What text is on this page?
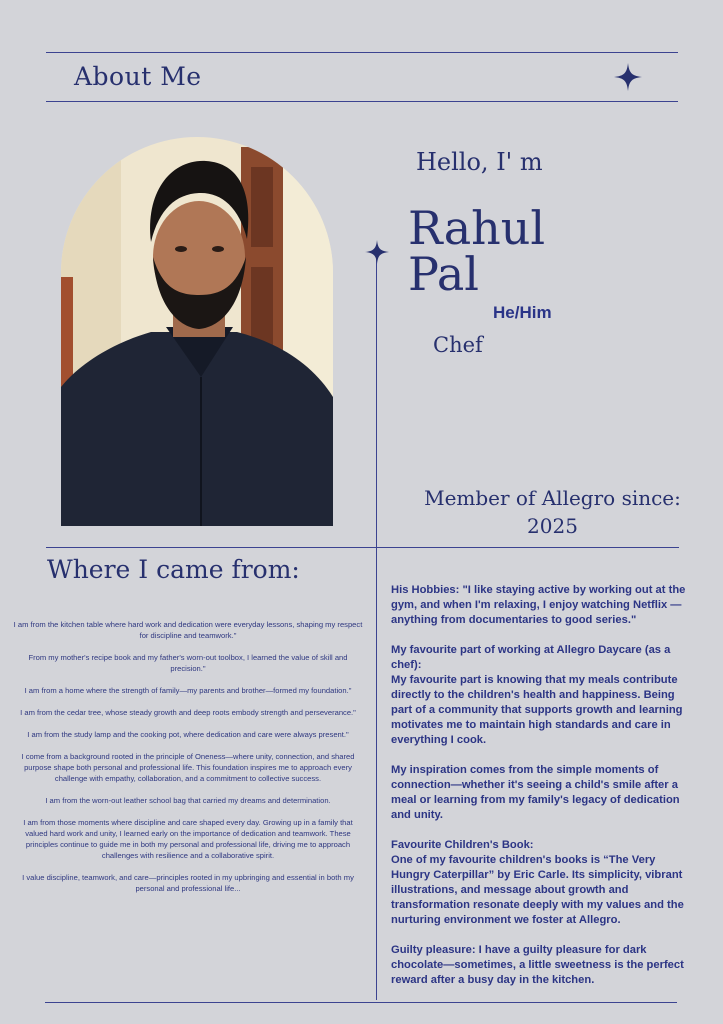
About Me
Hello, I' m
Rahul
Pal
He/Him
Chef
Member of Allegro since:
2025
Where I came from:

I am from the kitchen table where hard work and dedication were everyday lessons, shaping my respect for discipline and teamwork."

From my mother's recipe book and my father's worn-out toolbox, I learned the value of skill and precision."

I am from a home where the strength of family—my parents and brother—formed my foundation."

I am from the cedar tree, whose steady growth and deep roots embody strength and perseverance."

I am from the study lamp and the cooking pot, where dedication and care were always present."

I come from a background rooted in the principle of Oneness—where unity, connection, and shared purpose shape both personal and professional life. This foundation inspires me to approach every challenge with empathy, collaboration, and a commitment to collective success.

I am from the worn-out leather school bag that carried my dreams and determination.

I am from those moments where discipline and care shaped every day. Growing up in a family that valued hard work and unity, I learned early on the importance of dedication and teamwork. These principles continue to guide me in both my personal and professional life, driving me to approach challenges with resilience and a collaborative spirit.

I value discipline, teamwork, and care—principles rooted in my upbringing and essential in both my personal and professional life...

His Hobbies: "I like staying active by working out at the gym, and when I'm relaxing, I enjoy watching Netflix — anything from documentaries to good series."
My favourite part of working at Allegro Daycare (as a chef):
My favourite part is knowing that my meals contribute directly to the children's health and happiness. Being part of a community that supports growth and learning motivates me to maintain high standards and care in everything I cook.
My inspiration comes from the simple moments of connection—whether it's seeing a child's smile after a meal or learning from my family's legacy of dedication and unity.
Favourite Children's Book:
One of my favourite children's books is “The Very Hungry Caterpillar” by Eric Carle. Its simplicity, vibrant illustrations, and message about growth and transformation resonate deeply with my values and the nurturing environment we foster at Allegro.
Guilty pleasure: I have a guilty pleasure for dark chocolate—sometimes, a little sweetness is the perfect reward after a busy day in the kitchen.
